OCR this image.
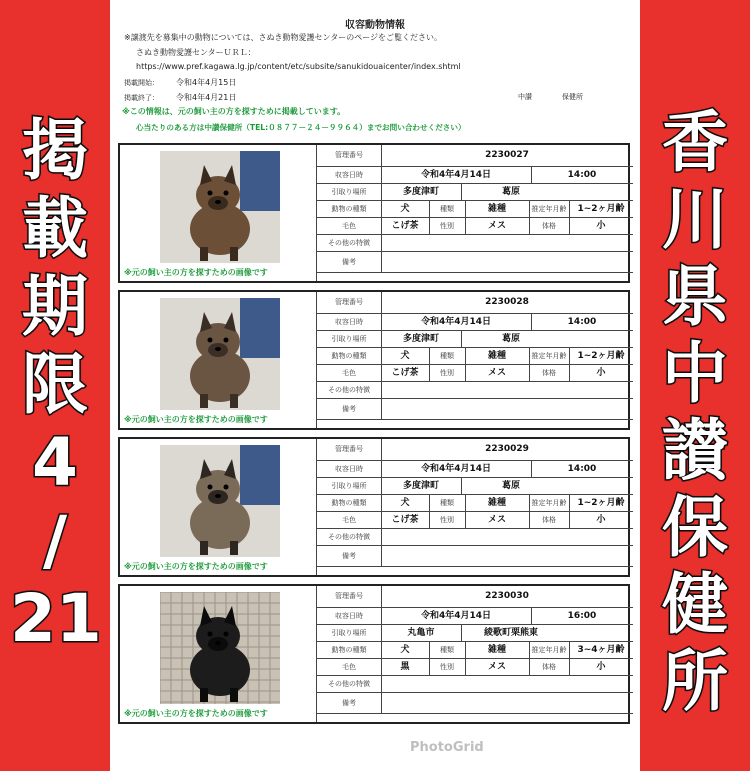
掲
載
期
限
4
/
21
香
川
県
中
讃
保
健
所
収容動物情報
※譲渡先を募集中の動物については、さぬき動物愛護センターのページをご覧ください。
さぬき動物愛護センターＵＲＬ：
https://www.pref.kagawa.lg.jp/content/etc/subsite/sanukidouaicenter/index.shtml
掲載開始： 令和4年4月15日
掲載終了： 令和4年4月21日	中讃	保健所
※この情報は、元の飼い主の方を探すために掲載しています。
心当たりのある方は中讃保健所（TEL:０８７７－２４－９９６４）までお問い合わせください）
※元の飼い主の方を探すための画像です
管理番号	2230027
収容日時	令和4年4月14日	14:00
引取り場所	多度津町	葛原
動物の種類	犬	種類	雑種	推定年月齢	1~2ヶ月齢
毛色	こげ茶	性別	メス	体格	小
その他の特徴
備考
※元の飼い主の方を探すための画像です
管理番号	2230028
収容日時	令和4年4月14日	14:00
引取り場所	多度津町	葛原
動物の種類	犬	種類	雑種	推定年月齢	1~2ヶ月齢
毛色	こげ茶	性別	メス	体格	小
その他の特徴
備考
※元の飼い主の方を探すための画像です
管理番号	2230029
収容日時	令和4年4月14日	14:00
引取り場所	多度津町	葛原
動物の種類	犬	種類	雑種	推定年月齢	1~2ヶ月齢
毛色	こげ茶	性別	メス	体格	小
その他の特徴
備考
※元の飼い主の方を探すための画像です
管理番号	2230030
収容日時	令和4年4月14日	16:00
引取り場所	丸亀市	綾歌町栗熊東
動物の種類	犬	種類	雑種	推定年月齢	3~4ヶ月齢
毛色	黒	性別	メス	体格	小
その他の特徴
備考
PhotoGrid
